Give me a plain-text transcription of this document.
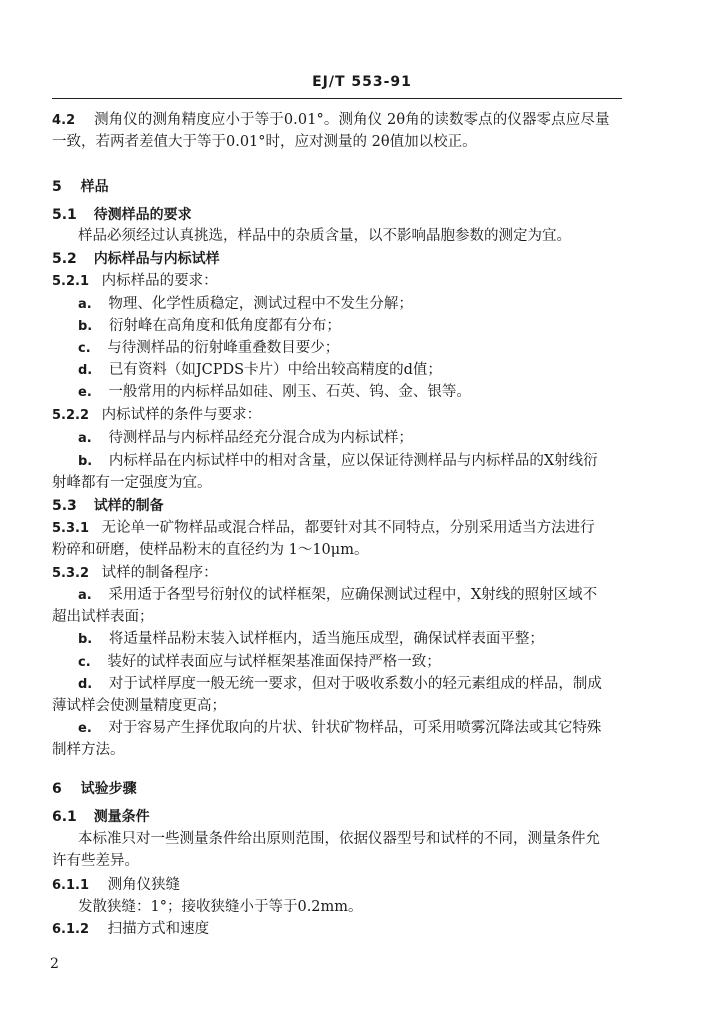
EJ/T 553-91
4.2 测角仪的测角精度应小于等于0.01°。测角仪 2θ角的读数零点的仪器零点应尽量
一致，若两者差值大于等于0.01°时，应对测量的 2θ值加以校正。
5 样品
5.1 待测样品的要求
样品必须经过认真挑选，样品中的杂质含量，以不影响晶胞参数的测定为宜。
5.2 内标样品与内标试样
5.2.1 内标样品的要求：
a. 物理、化学性质稳定，测试过程中不发生分解；
b. 衍射峰在高角度和低角度都有分布；
c. 与待测样品的衍射峰重叠数目要少；
d. 已有资料（如JCPDS卡片）中给出较高精度的d值；
e. 一般常用的内标样品如硅、刚玉、石英、钨、金、银等。
5.2.2 内标试样的条件与要求：
a. 待测样品与内标样品经充分混合成为内标试样；
b. 内标样品在内标试样中的相对含量，应以保证待测样品与内标样品的X射线衍
射峰都有一定强度为宜。
5.3 试样的制备
5.3.1 无论单一矿物样品或混合样品，都要针对其不同特点，分别采用适当方法进行
粉碎和研磨，使样品粉末的直径约为 1～10μm。
5.3.2 试样的制备程序：
a. 采用适于各型号衍射仪的试样框架，应确保测试过程中，X射线的照射区域不
超出试样表面；
b. 将适量样品粉末装入试样框内，适当施压成型，确保试样表面平整；
c. 装好的试样表面应与试样框架基准面保持严格一致；
d. 对于试样厚度一般无统一要求，但对于吸收系数小的轻元素组成的样品，制成
薄试样会使测量精度更高；
e. 对于容易产生择优取向的片状、针状矿物样品，可采用喷雾沉降法或其它特殊
制样方法。
6 试验步骤
6.1 测量条件
本标准只对一些测量条件给出原则范围，依据仪器型号和试样的不同，测量条件允
许有些差异。
6.1.1 测角仪狭缝
发散狭缝：1°；接收狭缝小于等于0.2mm。
6.1.2 扫描方式和速度
2
